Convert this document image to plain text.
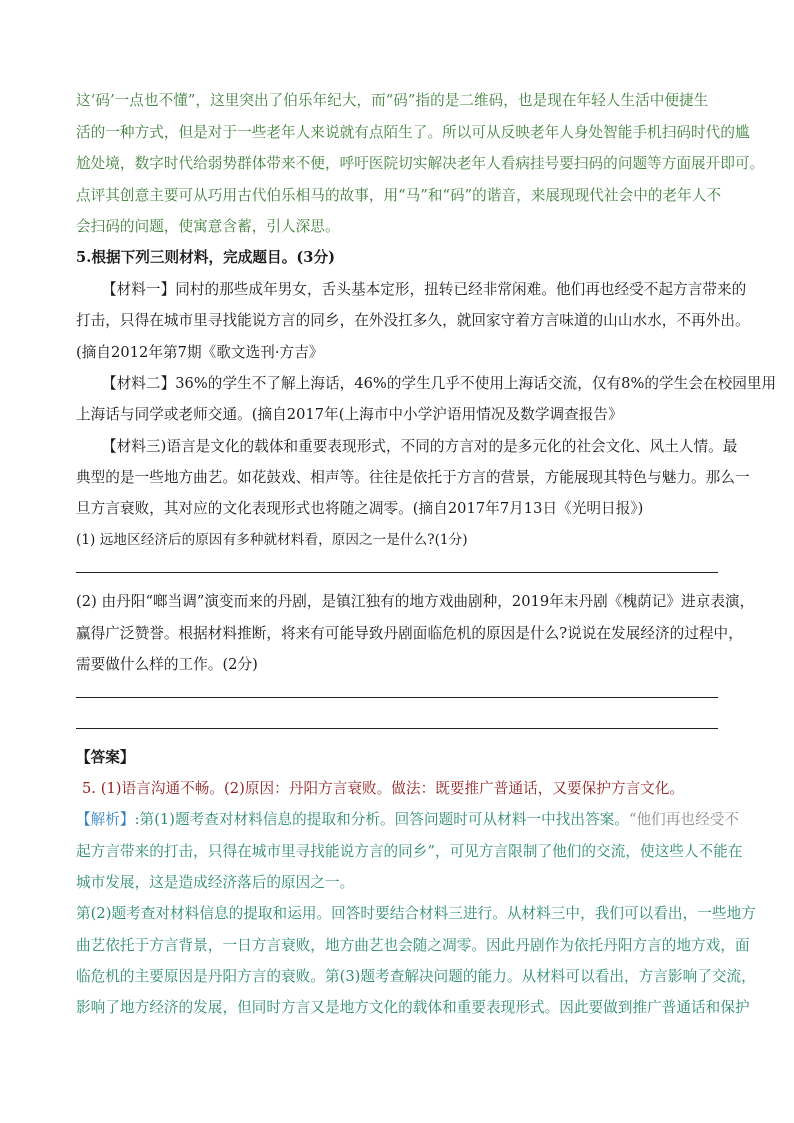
这‘码’一点也不懂”，这里突出了伯乐年纪大，而“码”指的是二维码，也是现在年轻人生活中便捷生
活的一种方式，但是对于一些老年人来说就有点陌生了。所以可从反映老年人身处智能手机扫码时代的尴
尬处境，数字时代给弱势群体带来不便，呼吁医院切实解决老年人看病挂号要扫码的问题等方面展开即可。
点评其创意主要可从巧用古代伯乐相马的故事，用“马”和“码”的谐音，来展现现代社会中的老年人不
会扫码的问题，使寓意含蓄，引人深思。
5.根据下列三则材料，完成题目。(3分)
【材料一】同村的那些成年男女，舌头基本定形，扭转已经非常闲难。他们再也经受不起方言带来的
打击，只得在城市里寻找能说方言的同乡，在外没扛多久，就回家守着方言味道的山山水水，不再外出。
(摘自2012年第7期《歌文选刊·方吉》
【材料二】36%的学生不了解上海话，46%的学生几乎不使用上海话交流，仅有8%的学生会在校园里用
上海话与同学或老师交通。(摘自2017年(上海市中小学沪语用情况及数学调查报告》
【材料三)语言是文化的载体和重要表现形式，不同的方言对的是多元化的社会文化、风土人情。最
典型的是一些地方曲艺。如花鼓戏、相声等。往往是依托于方言的营景，方能展现其特色与魅力。那么一
旦方言衰败，其对应的文化表现形式也将随之凋零。(摘自2017年7月13日《光明日报》)
(1) 远地区经济后的原因有多种就材料看，原因之一是什么?(1分)
(2) 由丹阳“啷当调”演变而来的丹剧，是镇江独有的地方戏曲剧种，2019年末丹剧《槐荫记》进京表演，
赢得广泛赞誉。根据材料推断，将来有可能导致丹剧面临危机的原因是什么?说说在发展经济的过程中，
需要做什么样的工作。(2分)
【答案】
5. (1)语言沟通不畅。(2)原因：丹阳方言衰败。做法：既要推广普通话，又要保护方言文化。
【解析】:第(1)题考查对材料信息的提取和分析。回答问题时可从材料一中找出答案。“他们再也经受不
起方言带来的打击，只得在城市里寻找能说方言的同乡”，可见方言限制了他们的交流，使这些人不能在
城市发展，这是造成经济落后的原因之一。
第(2)题考查对材料信息的提取和运用。回答时要结合材料三进行。从材料三中，我们可以看出，一些地方
曲艺依托于方言背景，一日方言衰败，地方曲艺也会随之凋零。因此丹剧作为依托丹阳方言的地方戏，面
临危机的主要原因是丹阳方言的衰败。第(3)题考查解决问题的能力。从材料可以看出，方言影响了交流，
影响了地方经济的发展，但同时方言又是地方文化的载体和重要表现形式。因此要做到推广普通话和保护
